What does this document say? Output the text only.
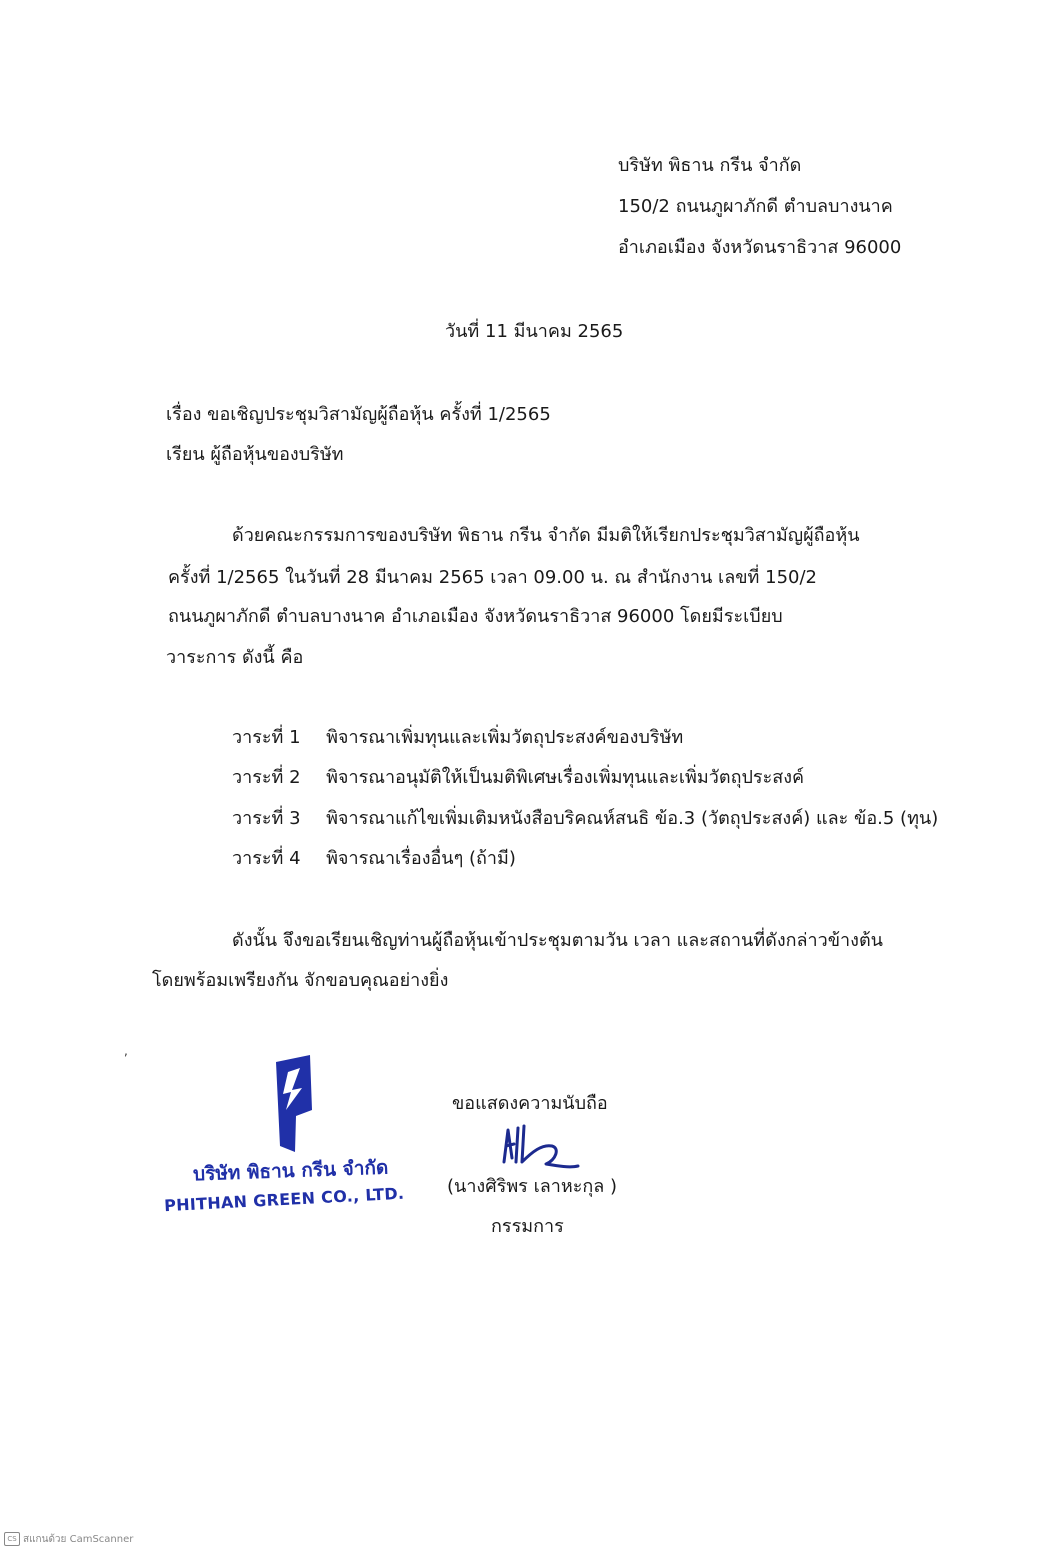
บริษัท พิธาน กรีน จำกัด
150/2 ถนนภูผาภักดี ตำบลบางนาค
อำเภอเมือง จังหวัดนราธิวาส 96000
วันที่ 11 มีนาคม 2565
เรื่อง ขอเชิญประชุมวิสามัญผู้ถือหุ้น ครั้งที่ 1/2565
เรียน ผู้ถือหุ้นของบริษัท
ด้วยคณะกรรมการของบริษัท พิธาน กรีน จำกัด มีมติให้เรียกประชุมวิสามัญผู้ถือหุ้น
ครั้งที่ 1/2565 ในวันที่ 28 มีนาคม 2565 เวลา 09.00 น. ณ สำนักงาน เลขที่ 150/2
ถนนภูผาภักดี ตำบลบางนาค อำเภอเมือง จังหวัดนราธิวาส 96000 โดยมีระเบียบ
วาระการ ดังนี้ คือ
วาระที่ 1 พิจารณาเพิ่มทุนและเพิ่มวัตถุประสงค์ของบริษัท
วาระที่ 2 พิจารณาอนุมัติให้เป็นมติพิเศษเรื่องเพิ่มทุนและเพิ่มวัตถุประสงค์
วาระที่ 3 พิจารณาแก้ไขเพิ่มเติมหนังสือบริคณห์สนธิ ข้อ.3 (วัตถุประสงค์) และ ข้อ.5 (ทุน)
วาระที่ 4 พิจารณาเรื่องอื่นๆ (ถ้ามี)
ดังนั้น จึงขอเรียนเชิญท่านผู้ถือหุ้นเข้าประชุมตามวัน เวลา และสถานที่ดังกล่าวข้างต้น
โดยพร้อมเพรียงกัน จักขอบคุณอย่างยิ่ง
,
บริษัท พิธาน กรีน จำกัด
PHITHAN GREEN CO., LTD.
ขอแสดงความนับถือ
(นางศิริพร เลาหะกุล )
กรรมการ
CS สแกนด้วย CamScanner
